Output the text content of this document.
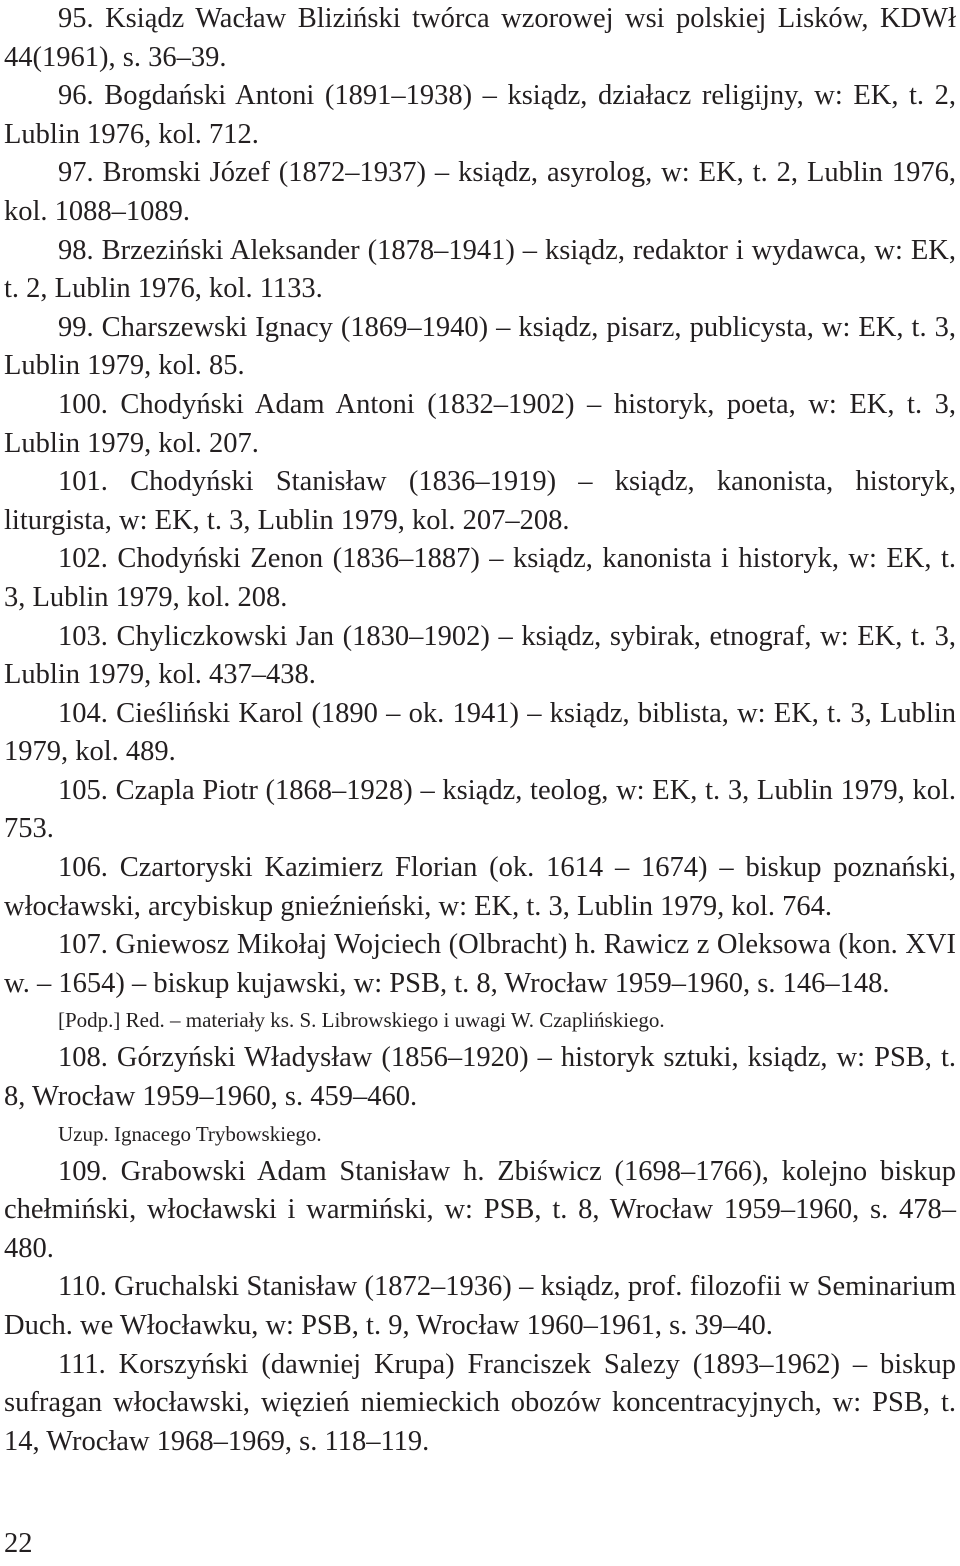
95. Ksiądz Wacław Bliziński twórca wzorowej wsi polskiej Lisków, KDWł 44(1961), s. 36–39.

96. Bogdański Antoni (1891–1938) – ksiądz, działacz religijny, w: EK, t. 2, Lublin 1976, kol. 712.

97. Bromski Józef (1872–1937) – ksiądz, asyrolog, w: EK, t. 2, Lublin 1976, kol. 1088–1089.

98. Brzeziński Aleksander (1878–1941) – ksiądz, redaktor i wydawca, w: EK, t. 2, Lublin 1976, kol. 1133.

99. Charszewski Ignacy (1869–1940) – ksiądz, pisarz, publicysta, w: EK, t. 3, Lublin 1979, kol. 85.

100. Chodyński Adam Antoni (1832–1902) – historyk, poeta, w: EK, t. 3, Lublin 1979, kol. 207.

101. Chodyński Stanisław (1836–1919) – ksiądz, kanonista, historyk, liturgista, w: EK, t. 3, Lublin 1979, kol. 207–208.

102. Chodyński Zenon (1836–1887) – ksiądz, kanonista i historyk, w: EK, t. 3, Lublin 1979, kol. 208.

103. Chyliczkowski Jan (1830–1902) – ksiądz, sybirak, etnograf, w: EK, t. 3, Lublin 1979, kol. 437–438.

104. Cieśliński Karol (1890 – ok. 1941) – ksiądz, biblista, w: EK, t. 3, Lublin 1979, kol. 489.

105. Czapla Piotr (1868–1928) – ksiądz, teolog, w: EK, t. 3, Lublin 1979, kol. 753.

106. Czartoryski Kazimierz Florian (ok. 1614 – 1674) – biskup poznański, włocławski, arcybiskup gnieźnieński, w: EK, t. 3, Lublin 1979, kol. 764.

107. Gniewosz Mikołaj Wojciech (Olbracht) h. Rawicz z Oleksowa (kon. XVI w. – 1654) – biskup kujawski, w: PSB, t. 8, Wrocław 1959–1960, s. 146–148.

[Podp.] Red. – materiały ks. S. Librowskiego i uwagi W. Czaplińskiego.

108. Górzyński Władysław (1856–1920) – historyk sztuki, ksiądz, w: PSB, t. 8, Wrocław 1959–1960, s. 459–460.

Uzup. Ignacego Trybowskiego.

109. Grabowski Adam Stanisław h. Zbiświcz (1698–1766), kolejno biskup chełmiński, włocławski i warmiński, w: PSB, t. 8, Wrocław 1959–1960, s. 478–480.

110. Gruchalski Stanisław (1872–1936) – ksiądz, prof. filozofii w Seminarium Duch. we Włocławku, w: PSB, t. 9, Wrocław 1960–1961, s. 39–40.

111. Korszyński (dawniej Krupa) Franciszek Salezy (1893–1962) – biskup sufragan włocławski, więzień niemieckich obozów koncentracyjnych, w: PSB, t. 14, Wrocław 1968–1969, s. 118–119.

22
